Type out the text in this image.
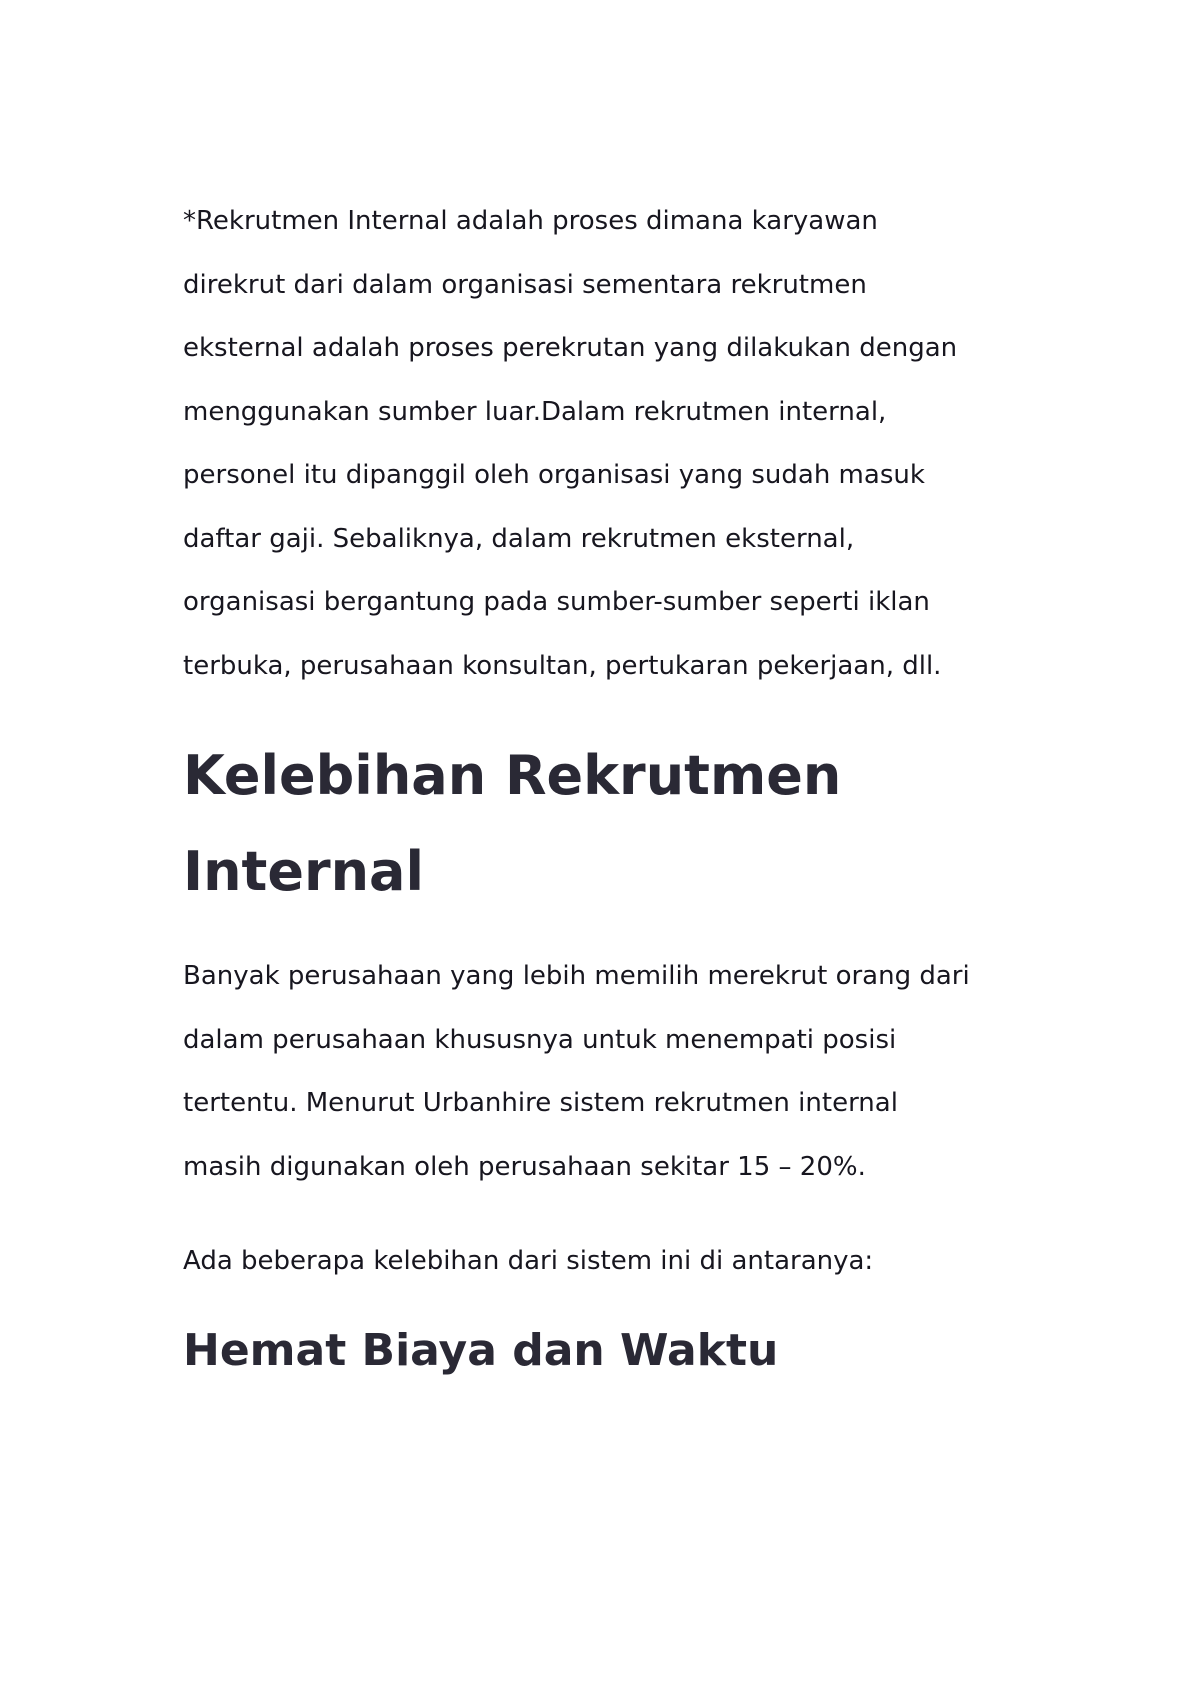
*Rekrutmen Internal adalah proses dimana karyawan
direkrut dari dalam organisasi sementara rekrutmen
eksternal adalah proses perekrutan yang dilakukan dengan
menggunakan sumber luar.Dalam rekrutmen internal,
personel itu dipanggil oleh organisasi yang sudah masuk
daftar gaji. Sebaliknya, dalam rekrutmen eksternal,
organisasi bergantung pada sumber-sumber seperti iklan
terbuka, perusahaan konsultan, pertukaran pekerjaan, dll.

Kelebihan Rekrutmen
Internal

Banyak perusahaan yang lebih memilih merekrut orang dari
dalam perusahaan khususnya untuk menempati posisi
tertentu. Menurut Urbanhire sistem rekrutmen internal
masih digunakan oleh perusahaan sekitar 15 – 20%.

Ada beberapa kelebihan dari sistem ini di antaranya:

Hemat Biaya dan Waktu
